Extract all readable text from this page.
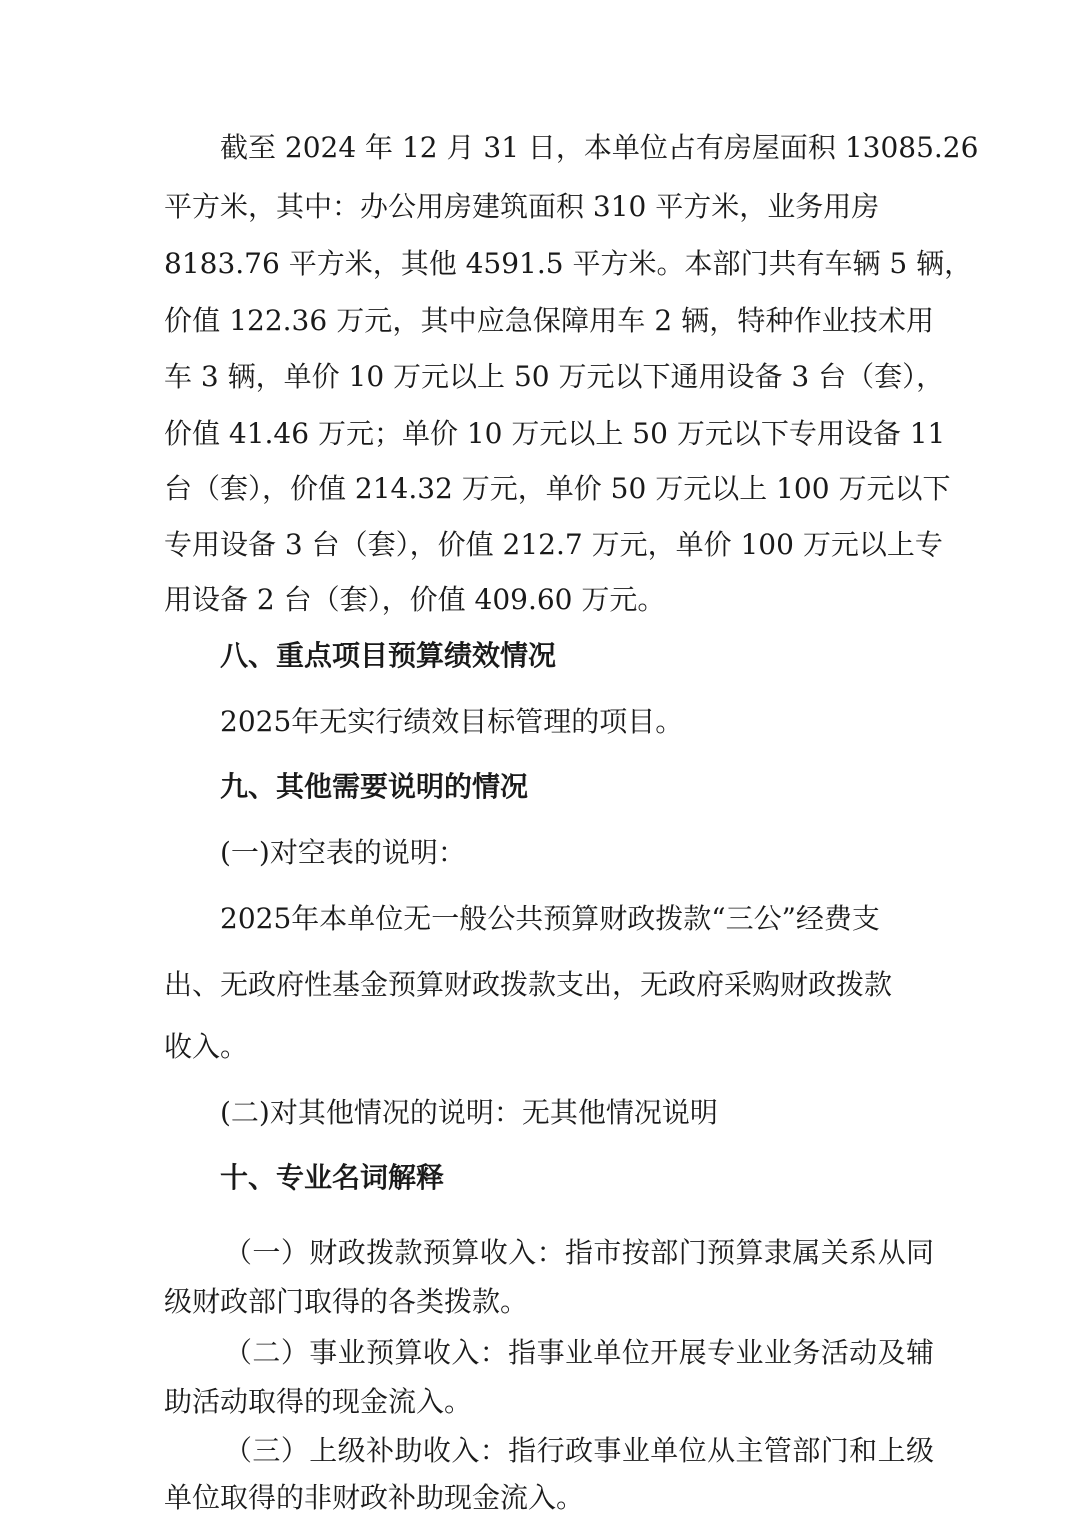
截至 2024 年 12 月 31 日，本单位占有房屋面积 13085.26
平方米，其中：办公用房建筑面积 310 平方米，业务用房
8183.76 平方米，其他 4591.5 平方米。本部门共有车辆 5 辆，
价值 122.36 万元，其中应急保障用车 2 辆，特种作业技术用
车 3 辆，单价 10 万元以上 50 万元以下通用设备 3 台（套），
价值 41.46 万元；单价 10 万元以上 50 万元以下专用设备 11
台（套），价值 214.32 万元，单价 50 万元以上 100 万元以下
专用设备 3 台（套），价值 212.7 万元，单价 100 万元以上专
用设备 2 台（套），价值 409.60 万元。
八、重点项目预算绩效情况
2025年无实行绩效目标管理的项目。
九、其他需要说明的情况
(一)对空表的说明：
2025年本单位无一般公共预算财政拨款“三公”经费支
出、无政府性基金预算财政拨款支出，无政府采购财政拨款
收入。
(二)对其他情况的说明：无其他情况说明
十、专业名词解释
（一）财政拨款预算收入：指市按部门预算隶属关系从同
级财政部门取得的各类拨款。
（二）事业预算收入：指事业单位开展专业业务活动及辅
助活动取得的现金流入。
（三）上级补助收入：指行政事业单位从主管部门和上级
单位取得的非财政补助现金流入。
